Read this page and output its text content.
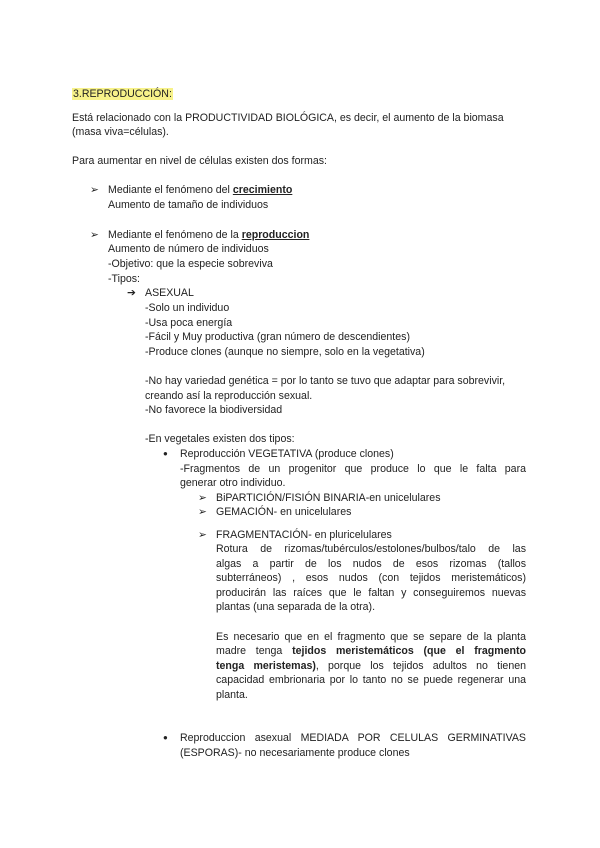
3.REPRODUCCIÓN:
Está relacionado con la PRODUCTIVIDAD BIOLÓGICA, es decir, el aumento de la biomasa
(masa viva=células).
Para aumentar en nivel de células existen dos formas:
➢ Mediante el fenómeno del crecimiento
Aumento de tamaño de individuos
➢ Mediante el fenómeno de la reproduccion
Aumento de número de individuos
-Objetivo: que la especie sobreviva
-Tipos:
➔ ASEXUAL
-Solo un individuo
-Usa poca energía
-Fácil y Muy productiva (gran número de descendientes)
-Produce clones (aunque no siempre, solo en la vegetativa)
-No hay variedad genética = por lo tanto se tuvo que adaptar para sobrevivir,
creando así la reproducción sexual.
-No favorece la biodiversidad
-En vegetales existen dos tipos:
● Reproducción VEGETATIVA (produce clones)
-Fragmentos de un progenitor que produce lo que le falta para
generar otro individuo.
➢ BiPARTICIÓN/FISIÓN BINARIA-en unicelulares
➢ GEMACIÓN- en unicelulares
➢ FRAGMENTACIÓN- en pluricelulares
Rotura de rizomas/tubérculos/estolones/bulbos/talo de las
algas a partir de los nudos de esos rizomas (tallos
subterráneos) , esos nudos (con tejidos meristemáticos)
producirán las raíces que le faltan y conseguiremos nuevas
plantas (una separada de la otra).
Es necesario que en el fragmento que se separe de la planta
madre tenga tejidos meristemáticos (que el fragmento
tenga meristemas), porque los tejidos adultos no tienen
capacidad embrionaria por lo tanto no se puede regenerar una
planta.
● Reproduccion asexual MEDIADA POR CELULAS GERMINATIVAS
(ESPORAS)- no necesariamente produce clones
